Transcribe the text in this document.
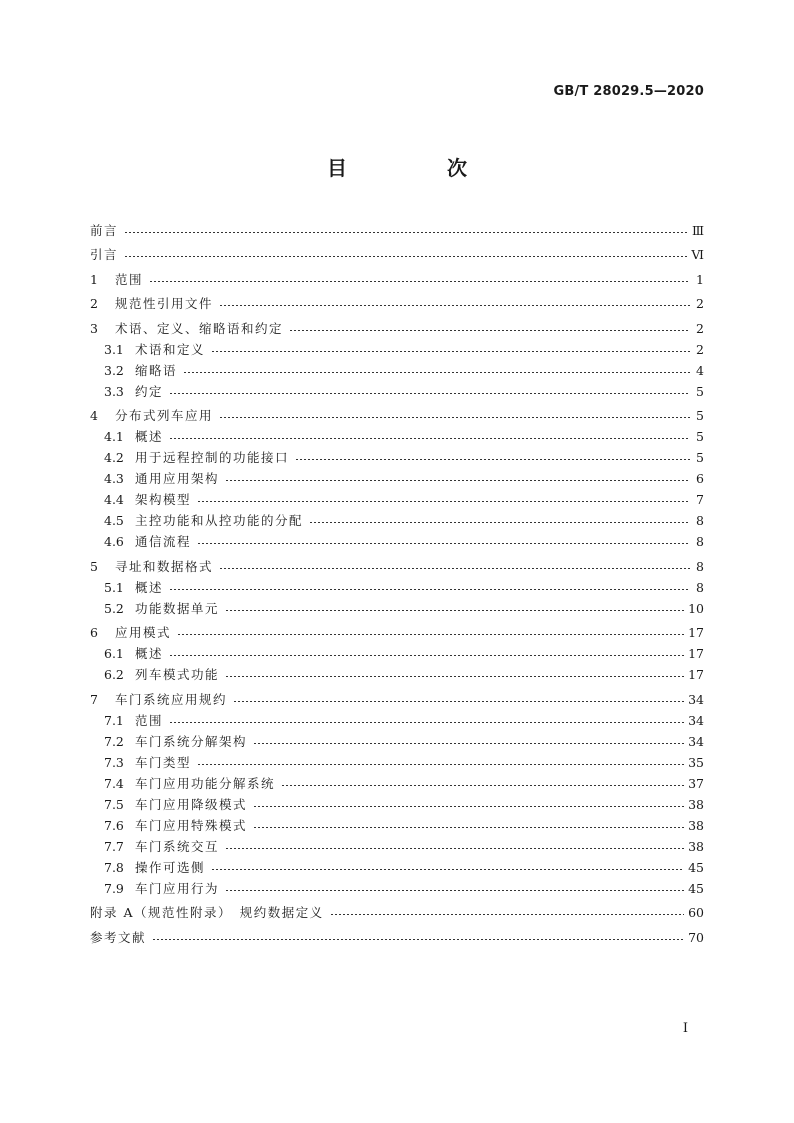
GB/T 28029.5—2020
目　次
前言	Ⅲ
引言	Ⅵ
1	范围	1
2	规范性引用文件	2
3	术语、定义、缩略语和约定	2
3.1 术语和定义	2
3.2 缩略语	4
3.3 约定	5
4	分布式列车应用	5
4.1 概述	5
4.2 用于远程控制的功能接口	5
4.3 通用应用架构	6
4.4 架构模型	7
4.5 主控功能和从控功能的分配	8
4.6 通信流程	8
5	寻址和数据格式	8
5.1 概述	8
5.2 功能数据单元	10
6	应用模式	17
6.1 概述	17
6.2 列车模式功能	17
7	车门系统应用规约	34
7.1 范围	34
7.2 车门系统分解架构	34
7.3 车门类型	35
7.4 车门应用功能分解系统	37
7.5 车门应用降级模式	38
7.6 车门应用特殊模式	38
7.7 车门系统交互	38
7.8 操作可选侧	45
7.9 车门应用行为	45
附录 A（规范性附录）　规约数据定义	60
参考文献	70
Ⅰ
